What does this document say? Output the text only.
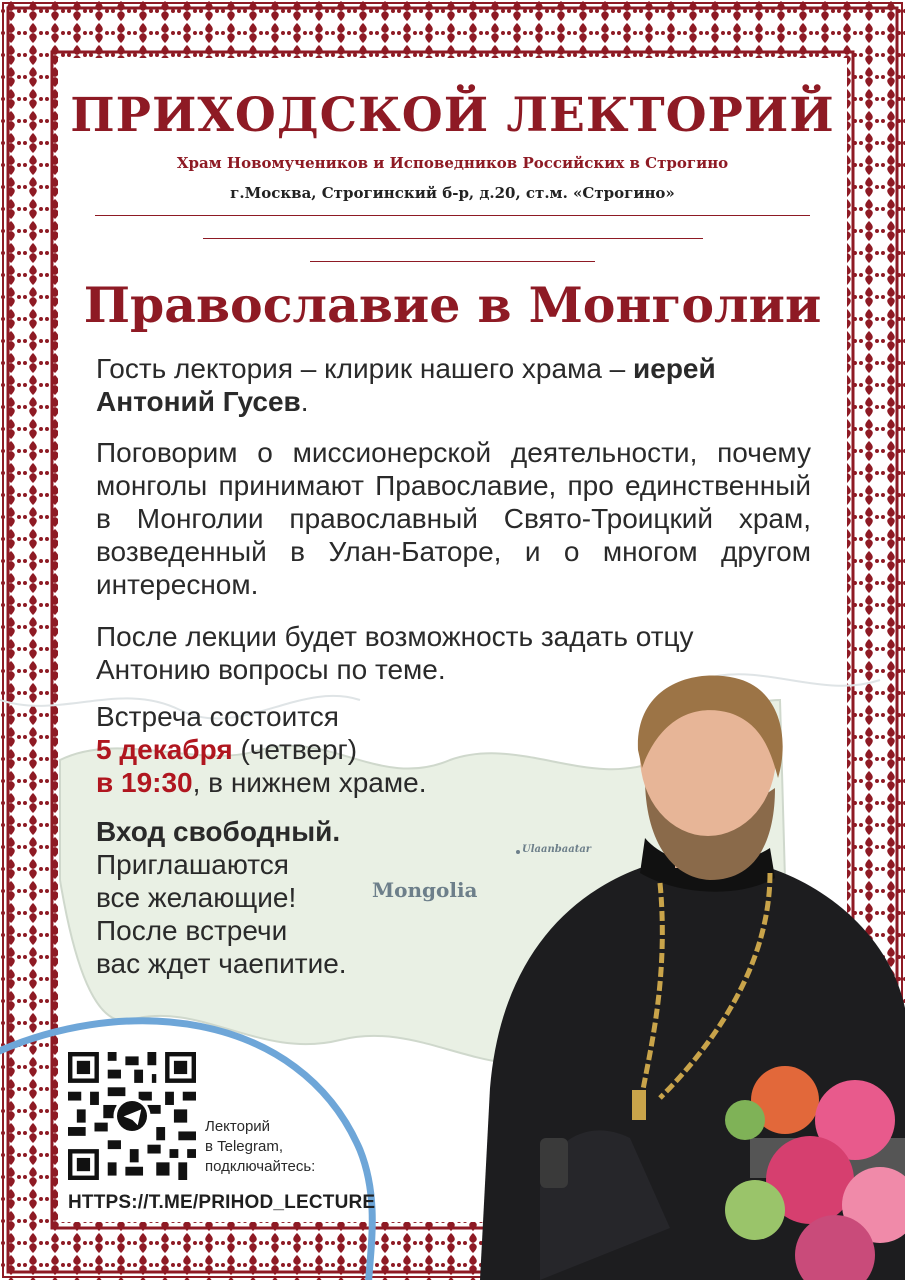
ПРИХОДСКОЙ ЛЕКТОРИЙ

Храм Новомучеников и Исповедников Российских в Строгино

г.Москва, Строгинский б-р, д.20, ст.м. «Строгино»

Православие в Монголии

Гость лектория – клирик нашего храма – иерей Антоний Гусев.

Поговорим о миссионерской деятельности, почему монголы принимают Православие, про единственный в Монголии православный Свято-Троицкий храм, возведенный в Улан-Баторе, и о многом другом интересном.

После лекции будет возможность задать отцу Антонию вопросы по теме.

Встреча состоится
5 декабря (четверг)
в 19:30, в нижнем храме.

Вход свободный.
Приглашаются
все желающие!
После встречи
вас ждет чаепитие.

Ulaanbaatar
Mongolia

Лекторий
в Telegram,
подключайтесь:

HTTPS://T.ME/PRIHOD_LECTURE
